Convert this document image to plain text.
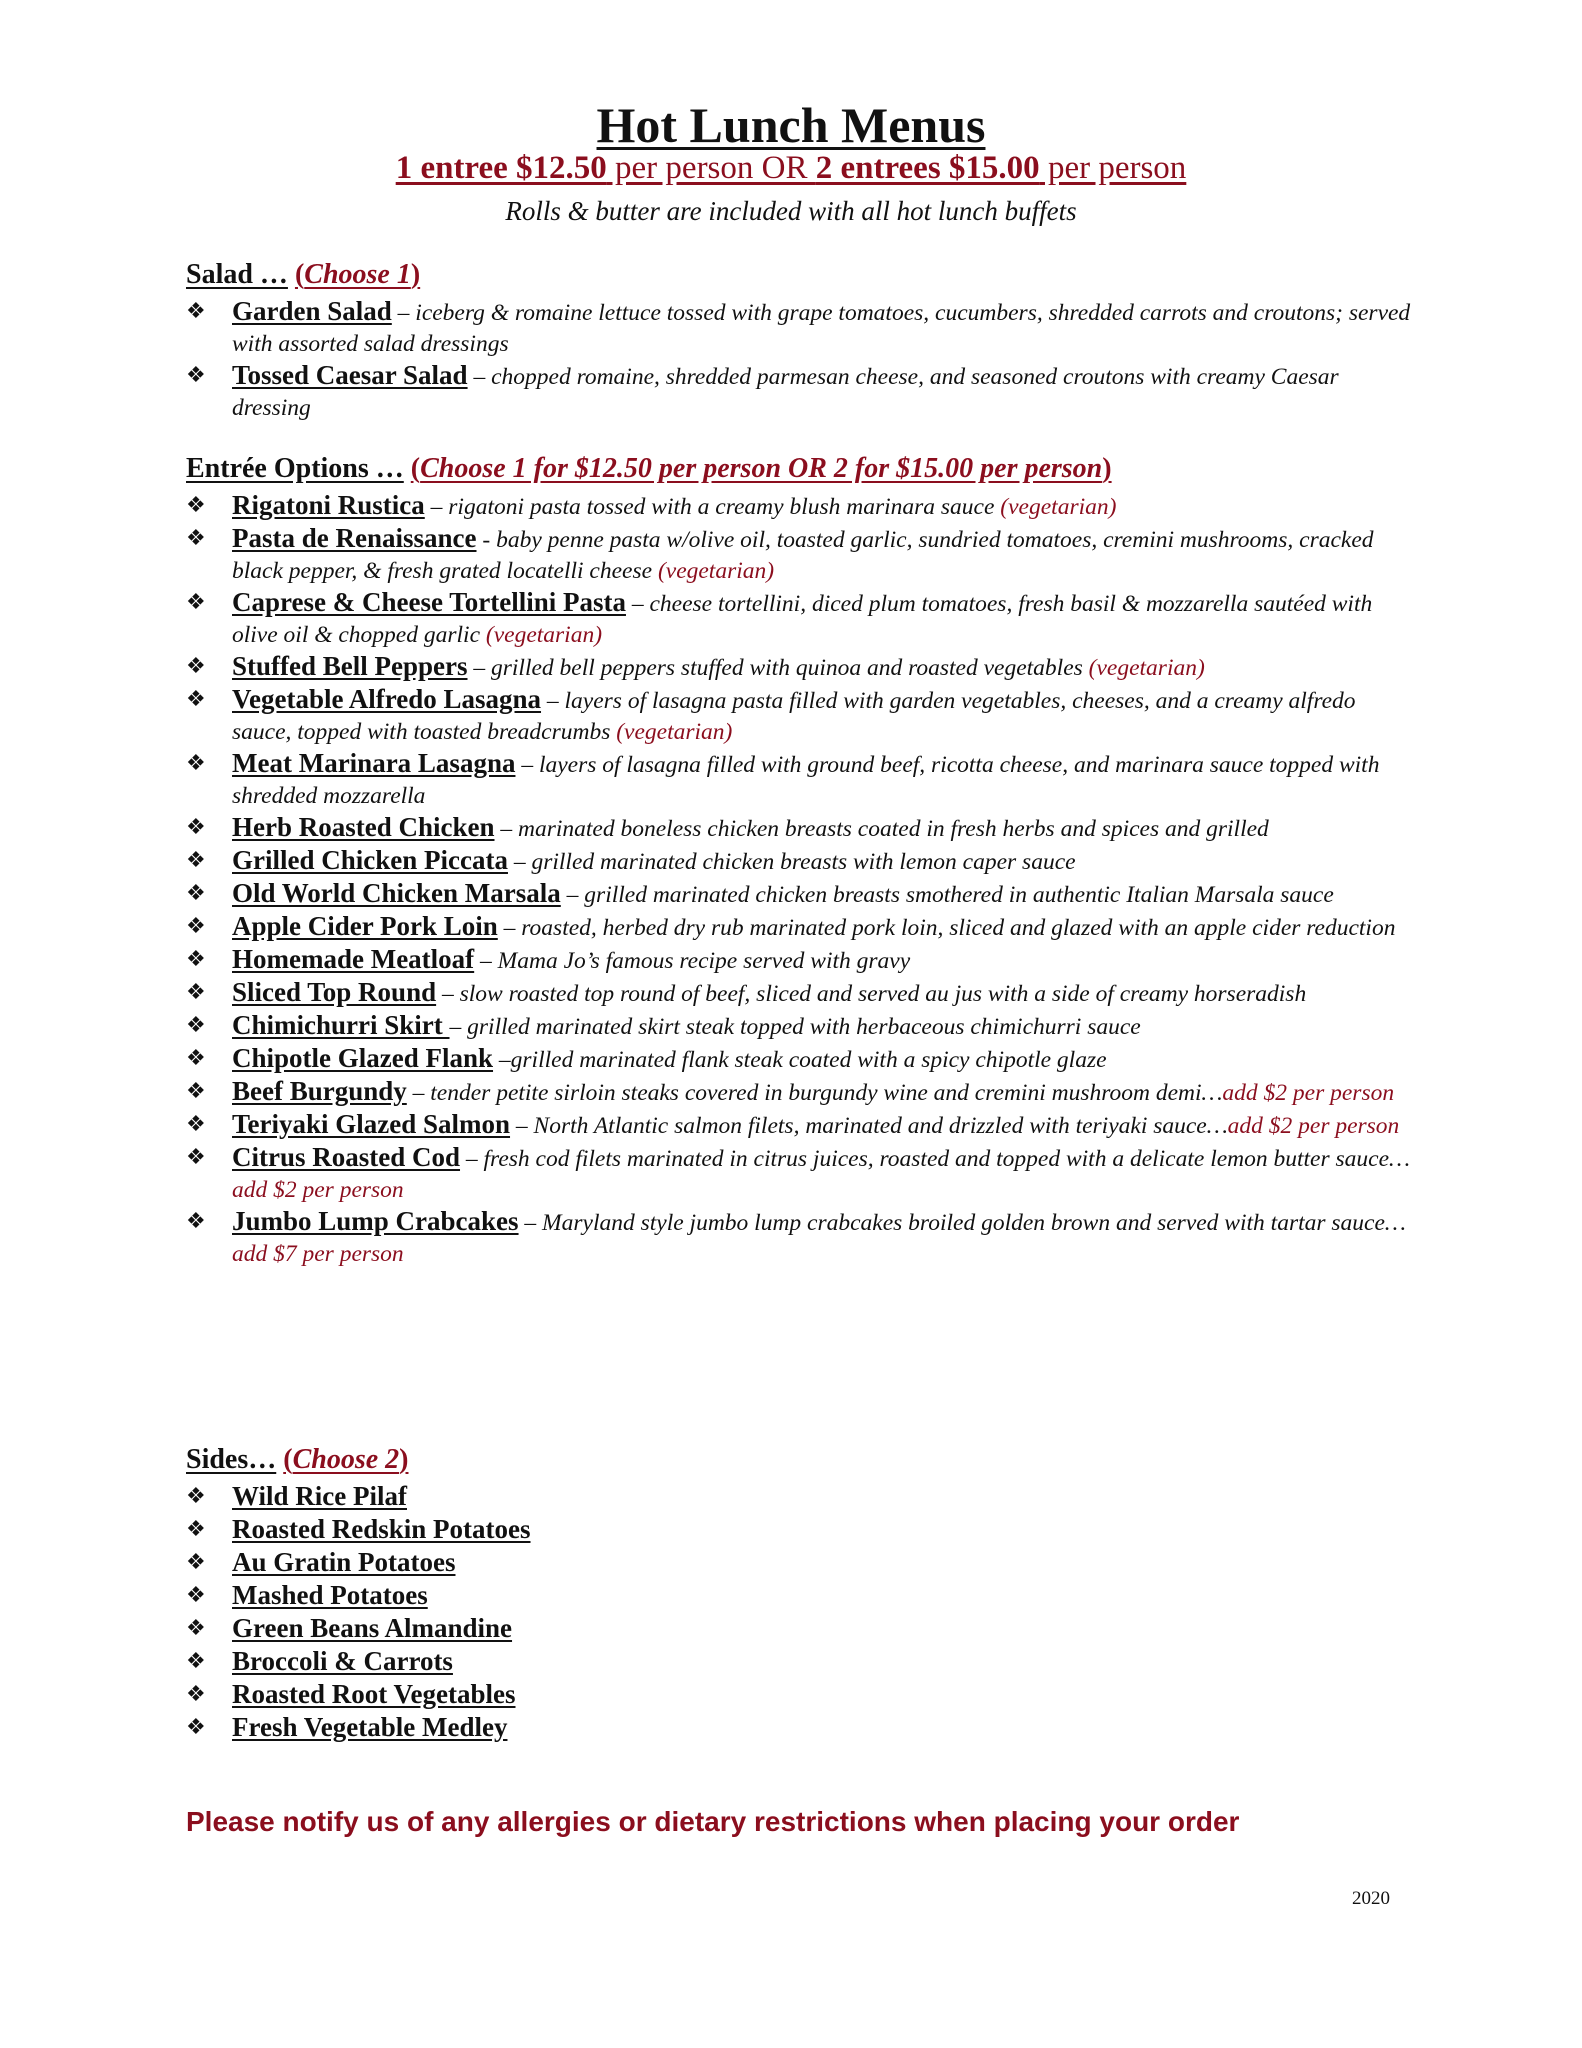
Hot Lunch Menus
1 entree $12.50 per person OR 2 entrees $15.00 per person
Rolls & butter are included with all hot lunch buffets
Salad … (Choose 1)
❖ Garden Salad – iceberg & romaine lettuce tossed with grape tomatoes, cucumbers, shredded carrots and croutons; served with assorted salad dressings
❖ Tossed Caesar Salad – chopped romaine, shredded parmesan cheese, and seasoned croutons with creamy Caesar dressing
Entrée Options … (Choose 1 for $12.50 per person OR 2 for $15.00 per person)
❖ Rigatoni Rustica – rigatoni pasta tossed with a creamy blush marinara sauce (vegetarian)
❖ Pasta de Renaissance - baby penne pasta w/olive oil, toasted garlic, sundried tomatoes, cremini mushrooms, cracked black pepper, & fresh grated locatelli cheese (vegetarian)
❖ Caprese & Cheese Tortellini Pasta – cheese tortellini, diced plum tomatoes, fresh basil & mozzarella sautéed with olive oil & chopped garlic (vegetarian)
❖ Stuffed Bell Peppers – grilled bell peppers stuffed with quinoa and roasted vegetables (vegetarian)
❖ Vegetable Alfredo Lasagna – layers of lasagna pasta filled with garden vegetables, cheeses, and a creamy alfredo sauce, topped with toasted breadcrumbs (vegetarian)
❖ Meat Marinara Lasagna – layers of lasagna filled with ground beef, ricotta cheese, and marinara sauce topped with shredded mozzarella
❖ Herb Roasted Chicken – marinated boneless chicken breasts coated in fresh herbs and spices and grilled
❖ Grilled Chicken Piccata – grilled marinated chicken breasts with lemon caper sauce
❖ Old World Chicken Marsala – grilled marinated chicken breasts smothered in authentic Italian Marsala sauce
❖ Apple Cider Pork Loin – roasted, herbed dry rub marinated pork loin, sliced and glazed with an apple cider reduction
❖ Homemade Meatloaf – Mama Jo’s famous recipe served with gravy
❖ Sliced Top Round – slow roasted top round of beef, sliced and served au jus with a side of creamy horseradish
❖ Chimichurri Skirt – grilled marinated skirt steak topped with herbaceous chimichurri sauce
❖ Chipotle Glazed Flank –grilled marinated flank steak coated with a spicy chipotle glaze
❖ Beef Burgundy – tender petite sirloin steaks covered in burgundy wine and cremini mushroom demi…add $2 per person
❖ Teriyaki Glazed Salmon – North Atlantic salmon filets, marinated and drizzled with teriyaki sauce…add $2 per person
❖ Citrus Roasted Cod – fresh cod filets marinated in citrus juices, roasted and topped with a delicate lemon butter sauce…add $2 per person
❖ Jumbo Lump Crabcakes – Maryland style jumbo lump crabcakes broiled golden brown and served with tartar sauce… add $7 per person
Sides… (Choose 2)
❖ Wild Rice Pilaf
❖ Roasted Redskin Potatoes
❖ Au Gratin Potatoes
❖ Mashed Potatoes
❖ Green Beans Almandine
❖ Broccoli & Carrots
❖ Roasted Root Vegetables
❖ Fresh Vegetable Medley
Please notify us of any allergies or dietary restrictions when placing your order
2020
